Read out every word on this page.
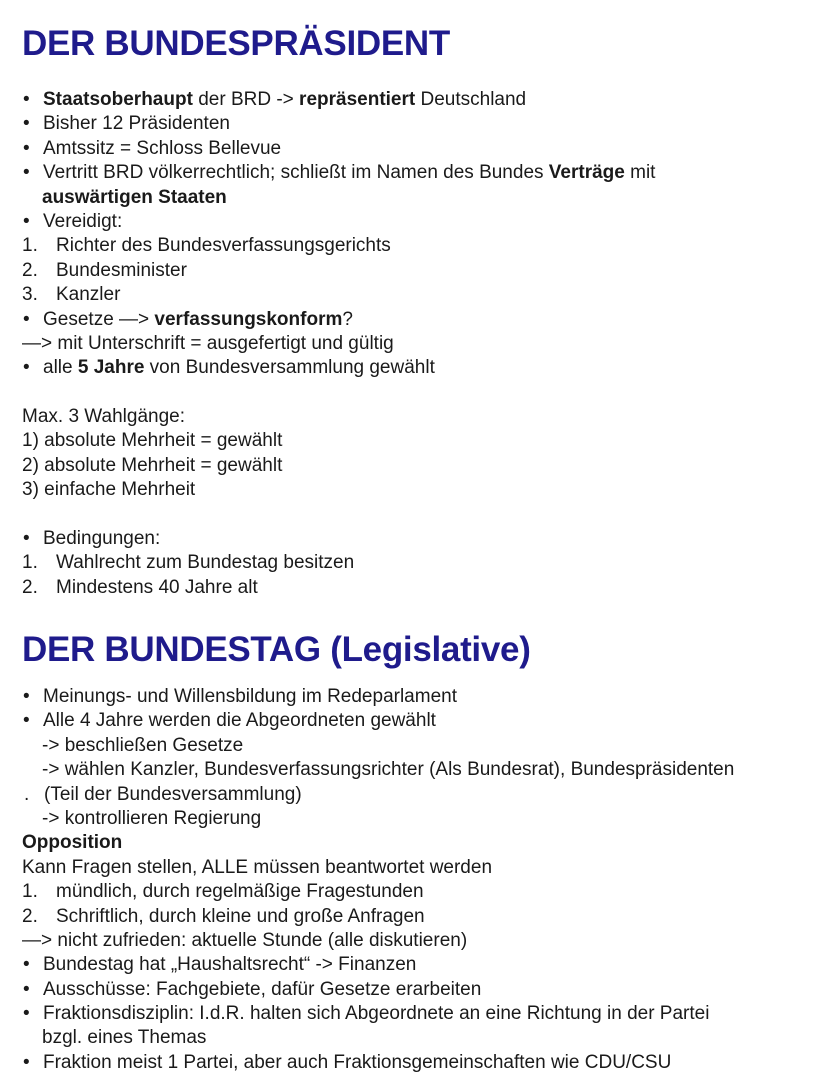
DER BUNDESPRÄSIDENT
• Staatsoberhaupt der BRD -> repräsentiert Deutschland
• Bisher 12 Präsidenten
• Amtssitz = Schloss Bellevue
• Vertritt BRD völkerrechtlich; schließt im Namen des Bundes Verträge mit
auswärtigen Staaten
• Vereidigt:
1. Richter des Bundesverfassungsgerichts
2. Bundesminister
3. Kanzler
• Gesetze —> verfassungskonform?
—> mit Unterschrift = ausgefertigt und gültig
• alle 5 Jahre von Bundesversammlung gewählt
Max. 3 Wahlgänge:
1) absolute Mehrheit = gewählt
2) absolute Mehrheit = gewählt
3) einfache Mehrheit
• Bedingungen:
1. Wahlrecht zum Bundestag besitzen
2. Mindestens 40 Jahre alt
DER BUNDESTAG (Legislative)
• Meinungs- und Willensbildung im Redeparlament
• Alle 4 Jahre werden die Abgeordneten gewählt
-> beschließen Gesetze
-> wählen Kanzler, Bundesverfassungsrichter (Als Bundesrat), Bundespräsidenten
. (Teil der Bundesversammlung)
-> kontrollieren Regierung
Opposition
Kann Fragen stellen, ALLE müssen beantwortet werden
1. mündlich, durch regelmäßige Fragestunden
2. Schriftlich, durch kleine und große Anfragen
—> nicht zufrieden: aktuelle Stunde (alle diskutieren)
• Bundestag hat „Haushaltsrecht“ -> Finanzen
• Ausschüsse: Fachgebiete, dafür Gesetze erarbeiten
• Fraktionsdisziplin: I.d.R. halten sich Abgeordnete an eine Richtung in der Partei
bzgl. eines Themas
• Fraktion meist 1 Partei, aber auch Fraktionsgemeinschaften wie CDU/CSU
